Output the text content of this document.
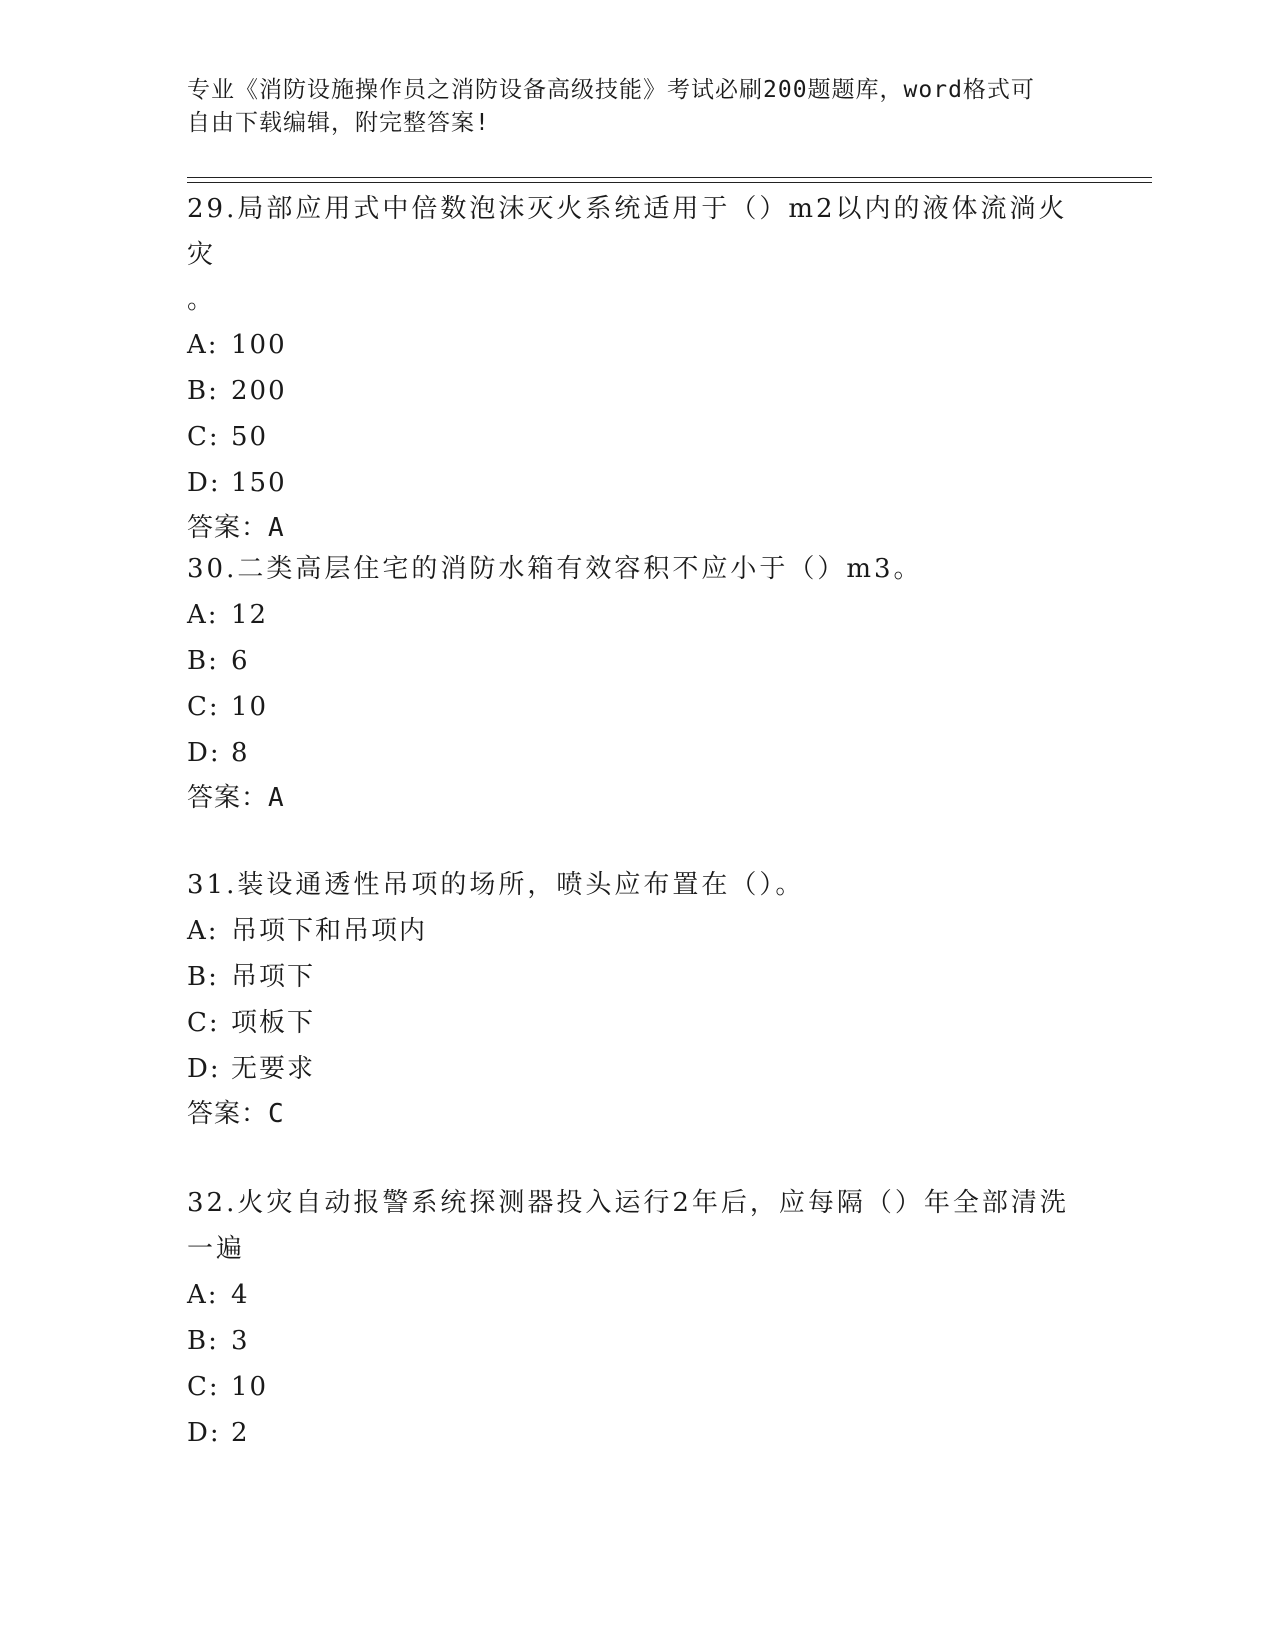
专业《消防设施操作员之消防设备高级技能》考试必刷200题题库，word格式可
自由下载编辑，附完整答案!

29.局部应用式中倍数泡沫灭火系统适用于（）m2以内的液体流淌火灾

。

A: 100

B: 200

C: 50

D: 150

答案：A

30.二类高层住宅的消防水箱有效容积不应小于（）m3。

A: 12

B: 6

C: 10

D: 8

答案：A

31.装设通透性吊项的场所，喷头应布置在（）。

A: 吊项下和吊项内

B: 吊项下

C: 项板下

D: 无要求

答案：C

32.火灾自动报警系统探测器投入运行2年后，应每隔（）年全部清洗

一遍

A: 4

B: 3

C: 10

D: 2
